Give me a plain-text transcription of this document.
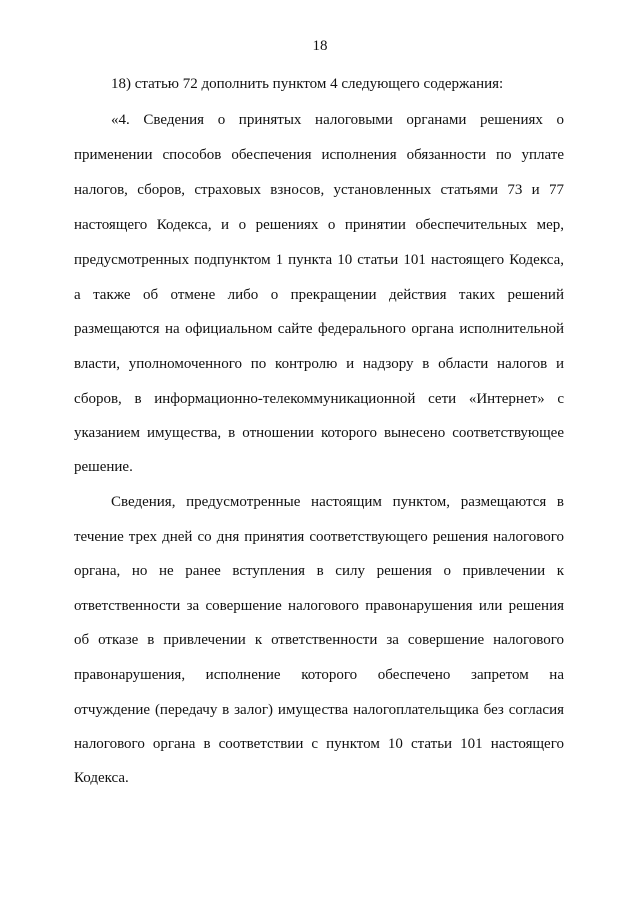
18
18) статью 72 дополнить пунктом 4 следующего содержания:
«4. Сведения о принятых налоговыми органами решениях о
применении способов обеспечения исполнения обязанности по уплате
налогов, сборов, страховых взносов, установленных статьями 73 и 77
настоящего Кодекса, и о решениях о принятии обеспечительных мер,
предусмотренных подпунктом 1 пункта 10 статьи 101 настоящего Кодекса,
а также об отмене либо о прекращении действия таких решений
размещаются на официальном сайте федерального органа исполнительной
власти, уполномоченного по контролю и надзору в области налогов и
сборов, в информационно-телекоммуникационной сети «Интернет» с
указанием имущества, в отношении которого вынесено соответствующее
решение.
Сведения, предусмотренные настоящим пунктом, размещаются в
течение трех дней со дня принятия соответствующего решения налогового
органа, но не ранее вступления в силу решения о привлечении к
ответственности за совершение налогового правонарушения или решения
об отказе в привлечении к ответственности за совершение налогового
правонарушения, исполнение которого обеспечено запретом на
отчуждение (передачу в залог) имущества налогоплательщика без согласия
налогового органа в соответствии с пунктом 10 статьи 101 настоящего
Кодекса.
